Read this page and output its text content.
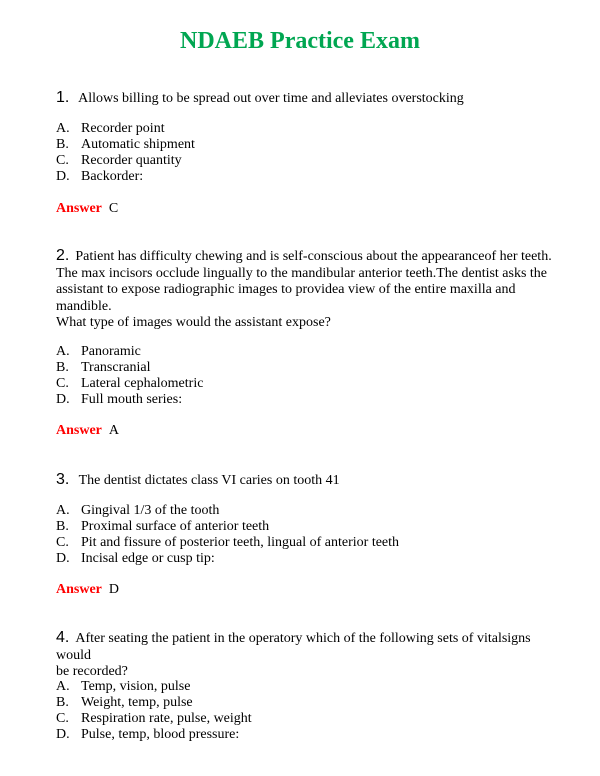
NDAEB Practice Exam
1. Allows billing to be spread out over time and alleviates overstocking
A. Recorder point
B. Automatic shipment
C. Recorder quantity
D. Backorder:
Answer C
2. Patient has difficulty chewing and is self-conscious about the appearanceof her teeth.
The max incisors occlude lingually to the mandibular anterior teeth.The dentist asks the
assistant to expose radiographic images to providea view of the entire maxilla and
mandible.
What type of images would the assistant expose?
A. Panoramic
B. Transcranial
C. Lateral cephalometric
D. Full mouth series:
Answer A
3. The dentist dictates class VI caries on tooth 41
A. Gingival 1/3 of the tooth
B. Proximal surface of anterior teeth
C. Pit and fissure of posterior teeth, lingual of anterior teeth
D. Incisal edge or cusp tip:
Answer D
4. After seating the patient in the operatory which of the following sets of vitalsigns would
be recorded?
A. Temp, vision, pulse
B. Weight, temp, pulse
C. Respiration rate, pulse, weight
D. Pulse, temp, blood pressure:
